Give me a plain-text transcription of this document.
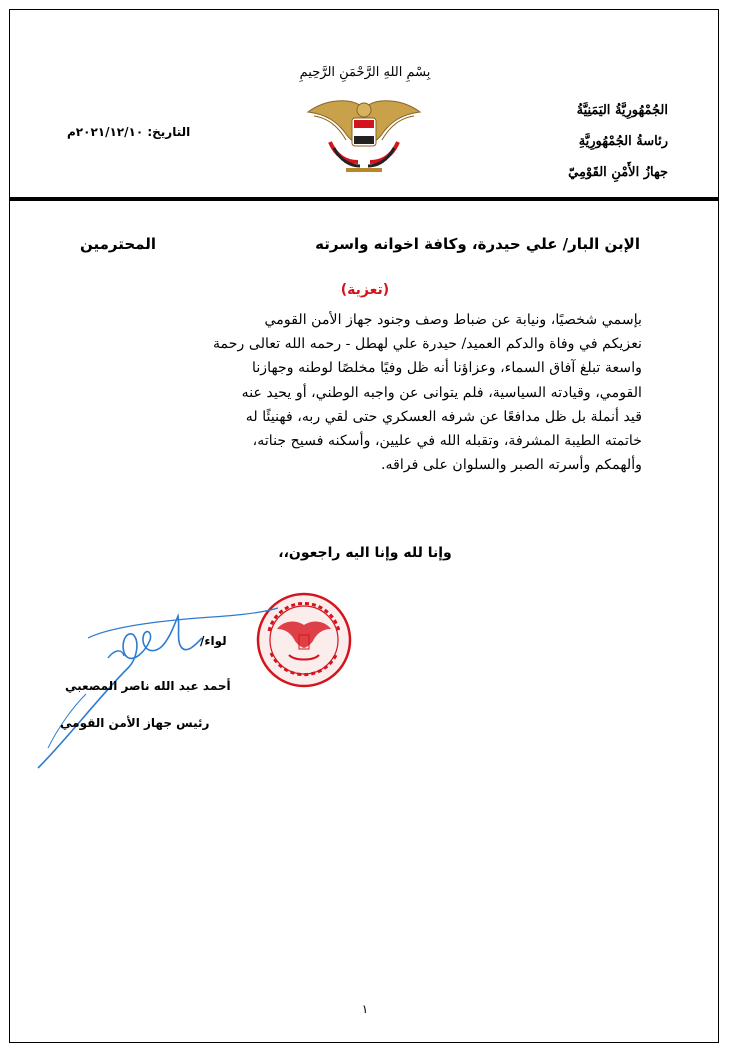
بِسْمِ اللهِ الرَّحْمَنِ الرَّحِيمِ
الجُمْهُورِيَّةُ اليَمَنِيَّةُ
رئاسةُ الجُمْهُورِيَّةِ
جهازُ الأَمْنِ القَوْمِيّ
التاريخ: ٢٠٢١/١٢/١٠م
الإبن البار/ علي حيدرة، وكافة اخوانه واسرته
المحترمين
(تعزية)
بإسمي شخصيًا، ونيابة عن ضباط وصف وجنود جهاز الأمن القومي
نعزيكم في وفاة والدكم العميد/ حيدرة علي لهطل - رحمه الله تعالى رحمة
واسعة تبلغ آفاق السماء، وعزاؤنا أنه ظل وفيًا مخلصًا لوطنه وجهازنا
القومي، وقيادته السياسية، فلم يتوانى عن واجبه الوطني، أو يحيد عنه
قيد أنملة بل ظل مدافعًا عن شرفه العسكري حتى لقي ربه، فهنيئًا له
خاتمته الطيبة المشرفة، وتقبله الله في عليين، وأسكنه فسيح جناته،
وألهمكم وأسرته الصبر والسلوان على فراقه.
وإنا لله وإنا اليه راجعون،،
لواء/
أحمد عبد الله ناصر المصعبي
رئيس جهاز الأمن القومي
١
